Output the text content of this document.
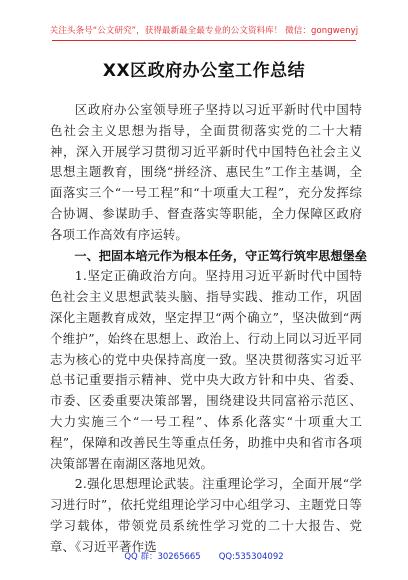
关注头条号“公文研究”，获得最新最全最专业的公文资料库！ 微信：gongwenyj
XX区政府办公室工作总结

区政府办公室领导班子坚持以习近平新时代中国特色社会主义思想为指导，全面贯彻落实党的二十大精神，深入开展学习贯彻习近平新时代中国特色社会主义思想主题教育，围绕“拼经济、惠民生”工作主基调，全面落实三个“一号工程”和“十项重大工程”，充分发挥综合协调、参谋助手、督查落实等职能，全力保障区政府各项工作高效有序运转。

一、把固本培元作为根本任务，守正笃行筑牢思想堡垒

1.坚定正确政治方向。坚持用习近平新时代中国特色社会主义思想武装头脑、指导实践、推动工作，巩固深化主题教育成效，坚定捍卫“两个确立”，坚决做到“两个维护”，始终在思想上、政治上、行动上同以习近平同志为核心的党中央保持高度一致。坚决贯彻落实习近平总书记重要指示精神、党中央大政方针和中央、省委、市委、区委重要决策部署，围绕建设共同富裕示范区、大力实施三个“一号工程”、体系化落实“十项重大工程”，保障和改善民生等重点任务，助推中央和省市各项决策部署在南湖区落地见效。

2.强化思想理论武装。注重理论学习，全面开展“学习进行时”，依托党组理论学习中心组学习、主题党日等学习载体，带领党员系统性学习党的二十大报告、党章、《习近平著作选

QQ 群：30265665 QQ:535304092
